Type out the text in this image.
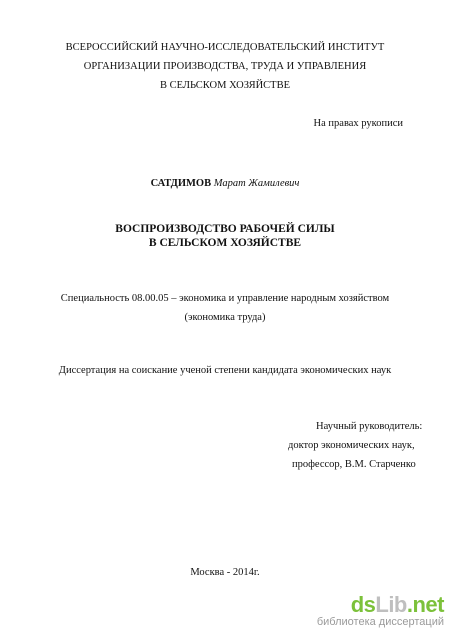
ВСЕРОССИЙСКИЙ НАУЧНО-ИССЛЕДОВАТЕЛЬСКИЙ ИНСТИТУТ
ОРГАНИЗАЦИИ ПРОИЗВОДСТВА, ТРУДА И УПРАВЛЕНИЯ
В СЕЛЬСКОМ ХОЗЯЙСТВЕ
На правах рукописи
САТДИМОВ Марат Жамилевич
ВОСПРОИЗВОДСТВО РАБОЧЕЙ СИЛЫ
В СЕЛЬСКОМ ХОЗЯЙСТВЕ
Специальность 08.00.05 – экономика и управление народным хозяйством
(экономика труда)
Диссертация на соискание ученой степени кандидата экономических наук
Научный руководитель:
доктор экономических наук,
профессор, В.М. Старченко
Москва - 2014г.
dsLib.net
библиотека диссертаций
